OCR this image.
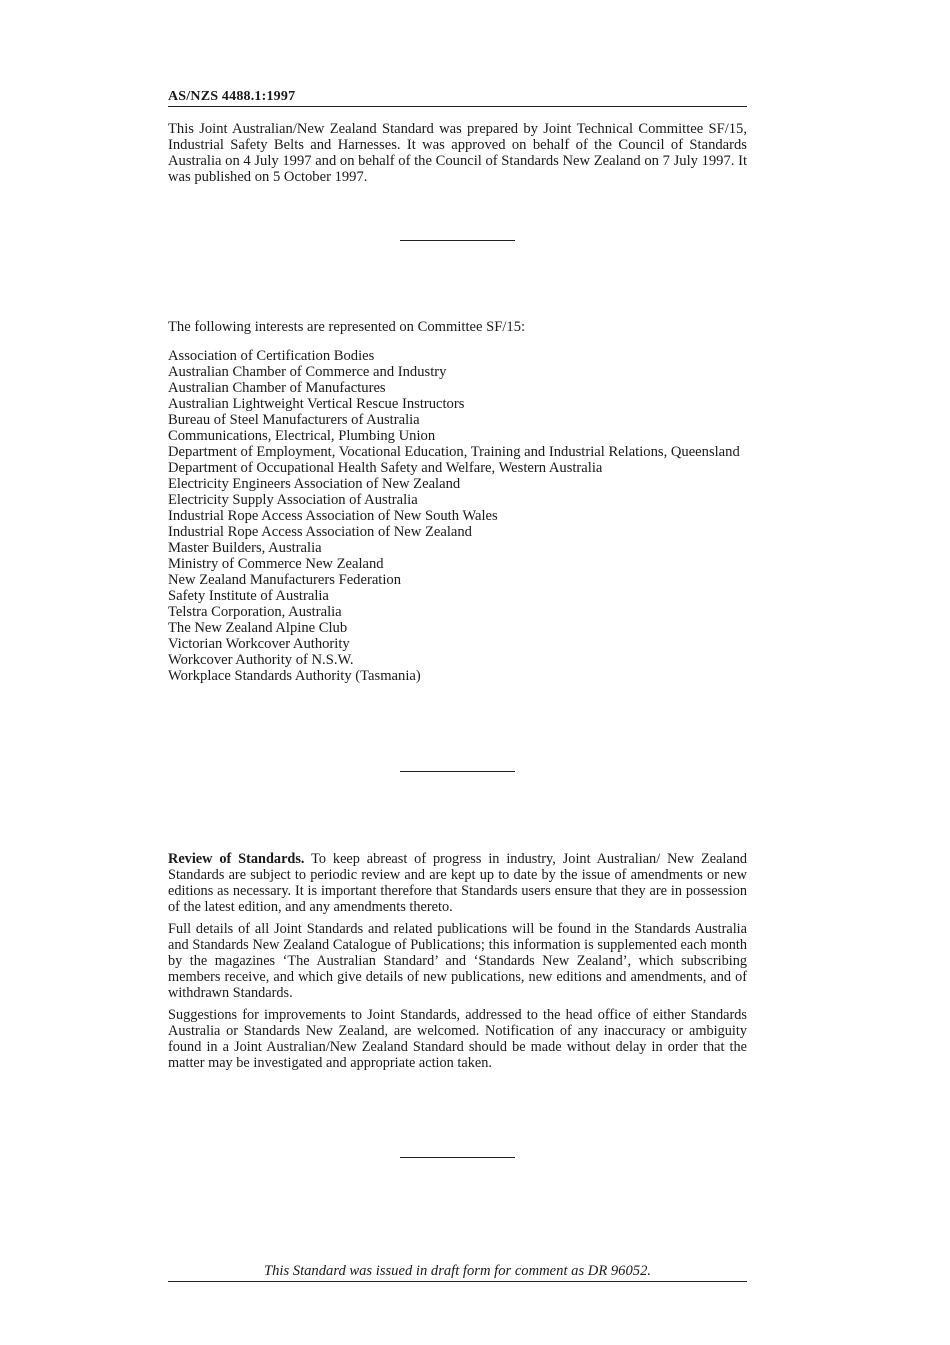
AS/NZS 4488.1:1997

This Joint Australian/New Zealand Standard was prepared by Joint Technical Committee SF/15, Industrial Safety Belts and Harnesses. It was approved on behalf of the Council of Standards Australia on 4 July 1997 and on behalf of the Council of Standards New Zealand on 7 July 1997. It was published on 5 October 1997.

The following interests are represented on Committee SF/15:

Association of Certification Bodies
Australian Chamber of Commerce and Industry
Australian Chamber of Manufactures
Australian Lightweight Vertical Rescue Instructors
Bureau of Steel Manufacturers of Australia
Communications, Electrical, Plumbing Union
Department of Employment, Vocational Education, Training and Industrial Relations, Queensland
Department of Occupational Health Safety and Welfare, Western Australia
Electricity Engineers Association of New Zealand
Electricity Supply Association of Australia
Industrial Rope Access Association of New South Wales
Industrial Rope Access Association of New Zealand
Master Builders, Australia
Ministry of Commerce New Zealand
New Zealand Manufacturers Federation
Safety Institute of Australia
Telstra Corporation, Australia
The New Zealand Alpine Club
Victorian Workcover Authority
Workcover Authority of N.S.W.
Workplace Standards Authority (Tasmania)

Review of Standards. To keep abreast of progress in industry, Joint Australian/ New Zealand Standards are subject to periodic review and are kept up to date by the issue of amendments or new editions as necessary. It is important therefore that Standards users ensure that they are in possession of the latest edition, and any amendments thereto.

Full details of all Joint Standards and related publications will be found in the Standards Australia and Standards New Zealand Catalogue of Publications; this information is supplemented each month by the magazines ‘The Australian Standard’ and ‘Standards New Zealand’, which subscribing members receive, and which give details of new publications, new editions and amendments, and of withdrawn Standards.

Suggestions for improvements to Joint Standards, addressed to the head office of either Standards Australia or Standards New Zealand, are welcomed. Notification of any inaccuracy or ambiguity found in a Joint Australian/New Zealand Standard should be made without delay in order that the matter may be investigated and appropriate action taken.

This Standard was issued in draft form for comment as DR 96052.
